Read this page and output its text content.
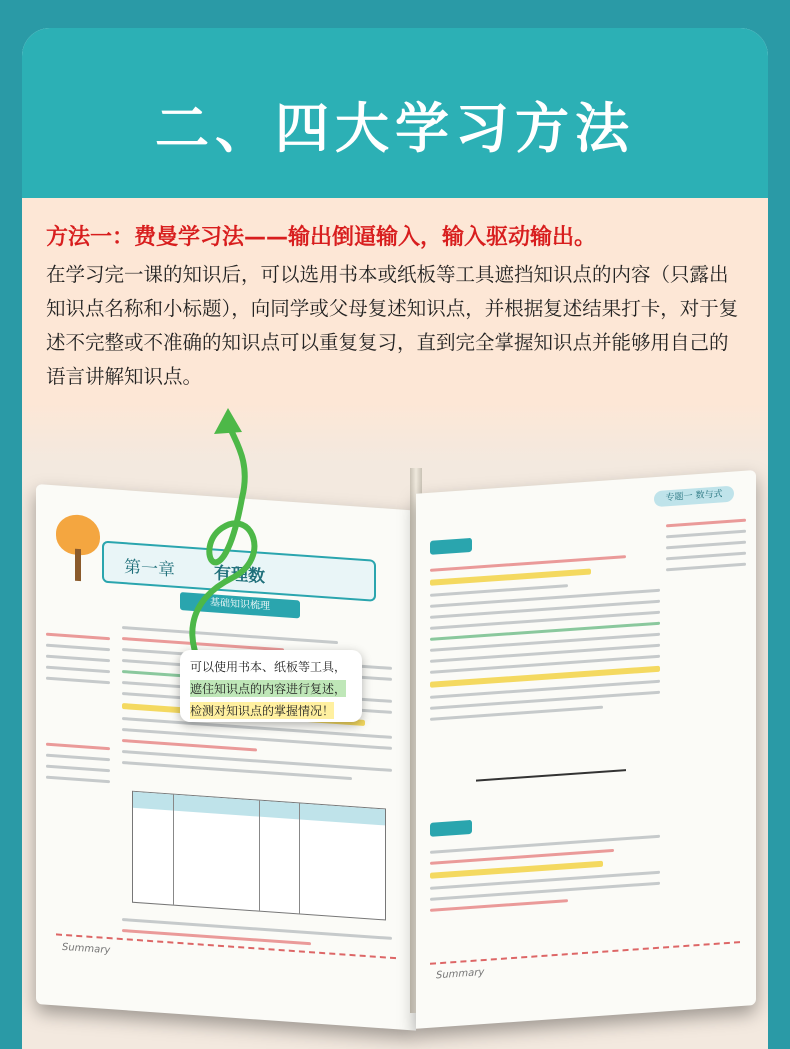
二、四大学习方法
方法一：费曼学习法——输出倒逼输入，输入驱动输出。
在学习完一课的知识后，可以选用书本或纸板等工具遮挡知识点的内容（只露出知识点名称和小标题），向同学或父母复述知识点，并根据复述结果打卡，对于复述不完整或不准确的知识点可以重复复习，直到完全掌握知识点并能够用自己的语言讲解知识点。
第一章 有理数
基础知识梳理
Summary
专题一 数与式
Summary

可以使用书本、纸板等工具，

遮住知识点的内容进行复述，

检测对知识点的掌握情况！
